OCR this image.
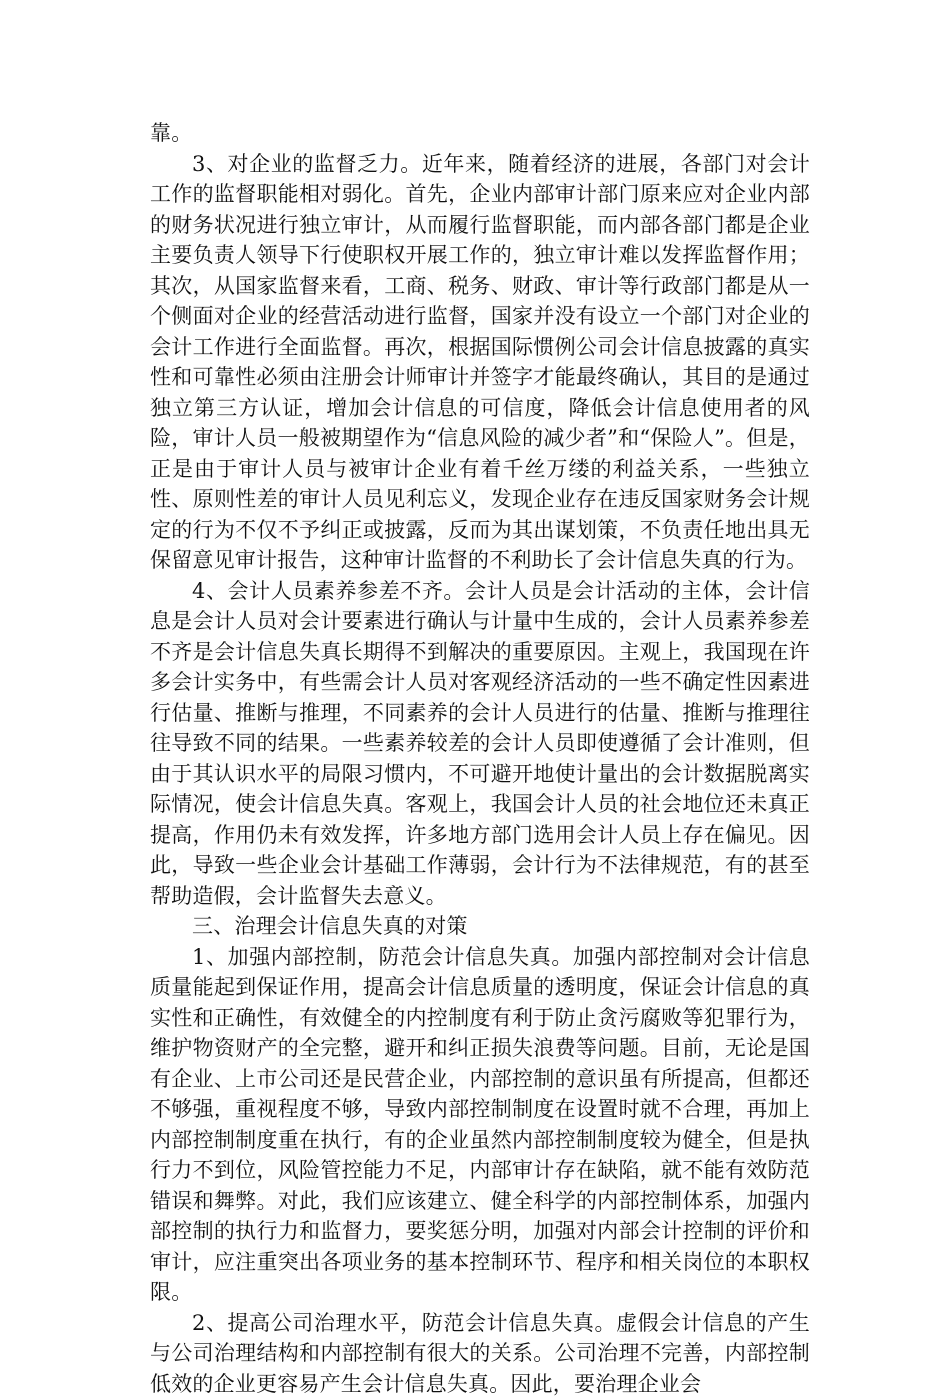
靠。

3、对企业的监督乏力。近年来，随着经济的进展，各部门对会计工作的监督职能相对弱化。首先，企业内部审计部门原来应对企业内部的财务状况进行独立审计，从而履行监督职能，而内部各部门都是企业主要负责人领导下行使职权开展工作的，独立审计难以发挥监督作用；其次，从国家监督来看，工商、税务、财政、审计等行政部门都是从一个侧面对企业的经营活动进行监督，国家并没有设立一个部门对企业的会计工作进行全面监督。再次，根据国际惯例公司会计信息披露的真实性和可靠性必须由注册会计师审计并签字才能最终确认，其目的是通过独立第三方认证，增加会计信息的可信度，降低会计信息使用者的风险，审计人员一般被期望作为“信息风险的减少者”和“保险人”。但是，正是由于审计人员与被审计企业有着千丝万缕的利益关系，一些独立性、原则性差的审计人员见利忘义，发现企业存在违反国家财务会计规定的行为不仅不予纠正或披露，反而为其出谋划策，不负责任地出具无保留意见审计报告，这种审计监督的不利助长了会计信息失真的行为。

4、会计人员素养参差不齐。会计人员是会计活动的主体，会计信息是会计人员对会计要素进行确认与计量中生成的，会计人员素养参差不齐是会计信息失真长期得不到解决的重要原因。主观上，我国现在许多会计实务中，有些需会计人员对客观经济活动的一些不确定性因素进行估量、推断与推理，不同素养的会计人员进行的估量、推断与推理往往导致不同的结果。一些素养较差的会计人员即使遵循了会计准则，但由于其认识水平的局限习惯内，不可避开地使计量出的会计数据脱离实际情况，使会计信息失真。客观上，我国会计人员的社会地位还未真正提高，作用仍未有效发挥，许多地方部门选用会计人员上存在偏见。因此，导致一些企业会计基础工作薄弱，会计行为不法律规范，有的甚至帮助造假，会计监督失去意义。

三、治理会计信息失真的对策

1、加强内部控制，防范会计信息失真。加强内部控制对会计信息质量能起到保证作用，提高会计信息质量的透明度，保证会计信息的真实性和正确性，有效健全的内控制度有利于防止贪污腐败等犯罪行为，维护物资财产的全完整，避开和纠正损失浪费等问题。目前，无论是国有企业、上市公司还是民营企业，内部控制的意识虽有所提高，但都还不够强，重视程度不够，导致内部控制制度在设置时就不合理，再加上内部控制制度重在执行，有的企业虽然内部控制制度较为健全，但是执行力不到位，风险管控能力不足，内部审计存在缺陷，就不能有效防范错误和舞弊。对此，我们应该建立、健全科学的内部控制体系，加强内部控制的执行力和监督力，要奖惩分明，加强对内部会计控制的评价和审计，应注重突出各项业务的基本控制环节、程序和相关岗位的本职权限。

2、提高公司治理水平，防范会计信息失真。虚假会计信息的产生与公司治理结构和内部控制有很大的关系。公司治理不完善，内部控制低效的企业更容易产生会计信息失真。因此，要治理企业会
